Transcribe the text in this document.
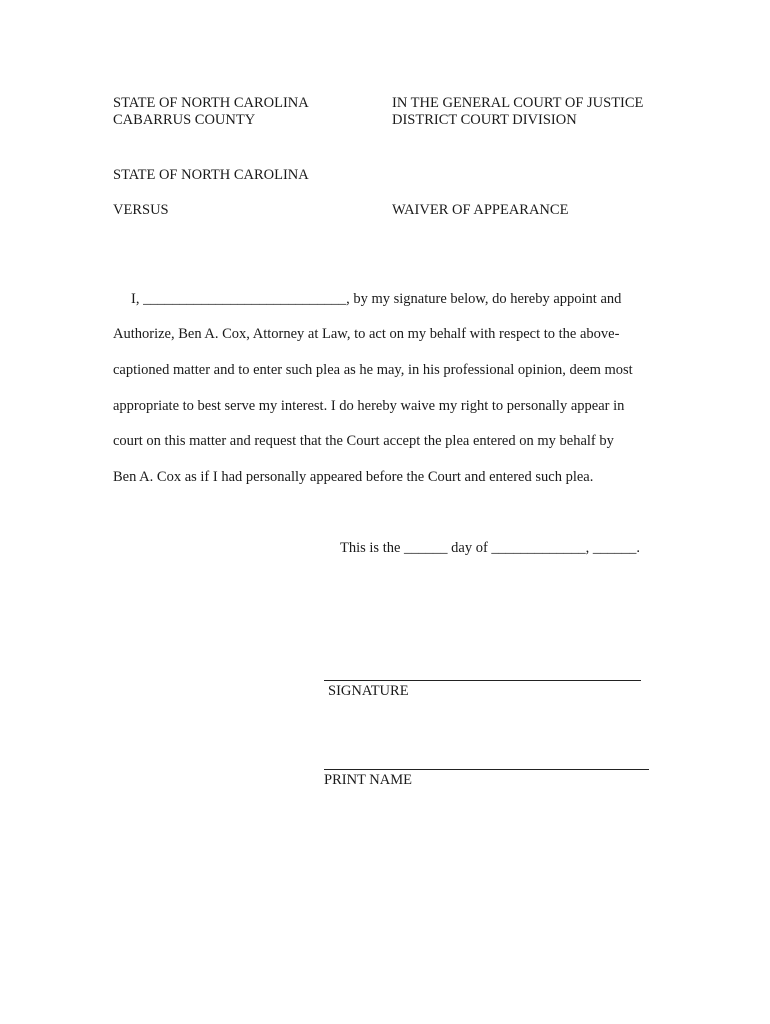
STATE OF NORTH CAROLINA
CABARRUS COUNTY
IN THE GENERAL COURT OF JUSTICE
DISTRICT COURT DIVISION
STATE OF NORTH CAROLINA
VERSUS	WAIVER OF APPEARANCE
I, ____________________________, by my signature below, do hereby appoint and
Authorize, Ben A. Cox, Attorney at Law, to act on my behalf with respect to the above-
captioned matter and to enter such plea as he may, in his professional opinion, deem most
appropriate to best serve my interest. I do hereby waive my right to personally appear in
court on this matter and request that the Court accept the plea entered on my behalf by
Ben A. Cox as if I had personally appeared before the Court and entered such plea.
This is the ______ day of _____________, ______.
SIGNATURE
PRINT NAME
